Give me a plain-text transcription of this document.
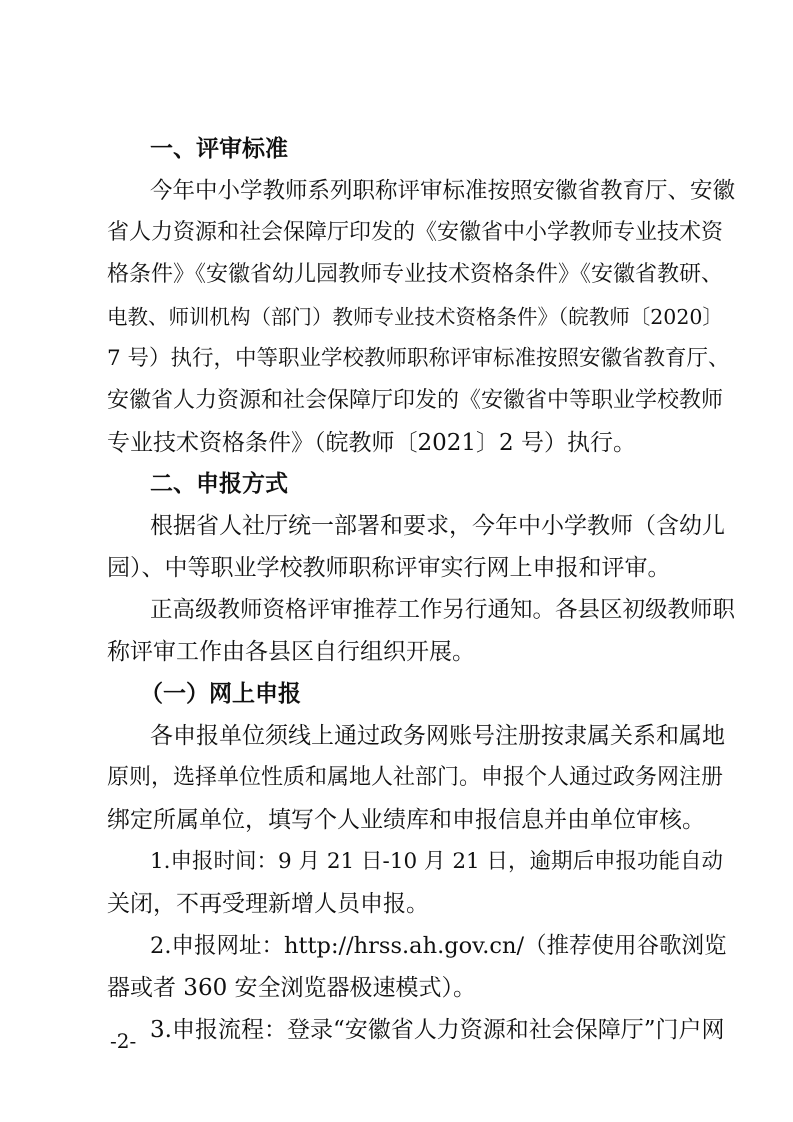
一、评审标准
今年中小学教师系列职称评审标准按照安徽省教育厅、安徽
省人力资源和社会保障厅印发的《安徽省中小学教师专业技术资
格条件》《安徽省幼儿园教师专业技术资格条件》《安徽省教研、
电教、师训机构（部门）教师专业技术资格条件》（皖教师〔2020〕
7 号）执行，中等职业学校教师职称评审标准按照安徽省教育厅、
安徽省人力资源和社会保障厅印发的《安徽省中等职业学校教师
专业技术资格条件》（皖教师〔2021〕2 号）执行。
二、申报方式
根据省人社厅统一部署和要求，今年中小学教师（含幼儿
园）、中等职业学校教师职称评审实行网上申报和评审。
正高级教师资格评审推荐工作另行通知。各县区初级教师职
称评审工作由各县区自行组织开展。
（一）网上申报
各申报单位须线上通过政务网账号注册按隶属关系和属地
原则，选择单位性质和属地人社部门。申报个人通过政务网注册
绑定所属单位，填写个人业绩库和申报信息并由单位审核。
1.申报时间：9 月 21 日-10 月 21 日，逾期后申报功能自动
关闭，不再受理新增人员申报。
2.申报网址：http://hrss.ah.gov.cn/（推荐使用谷歌浏览
器或者 360 安全浏览器极速模式）。
3.申报流程：登录“安徽省人力资源和社会保障厅”门户网
-2-
